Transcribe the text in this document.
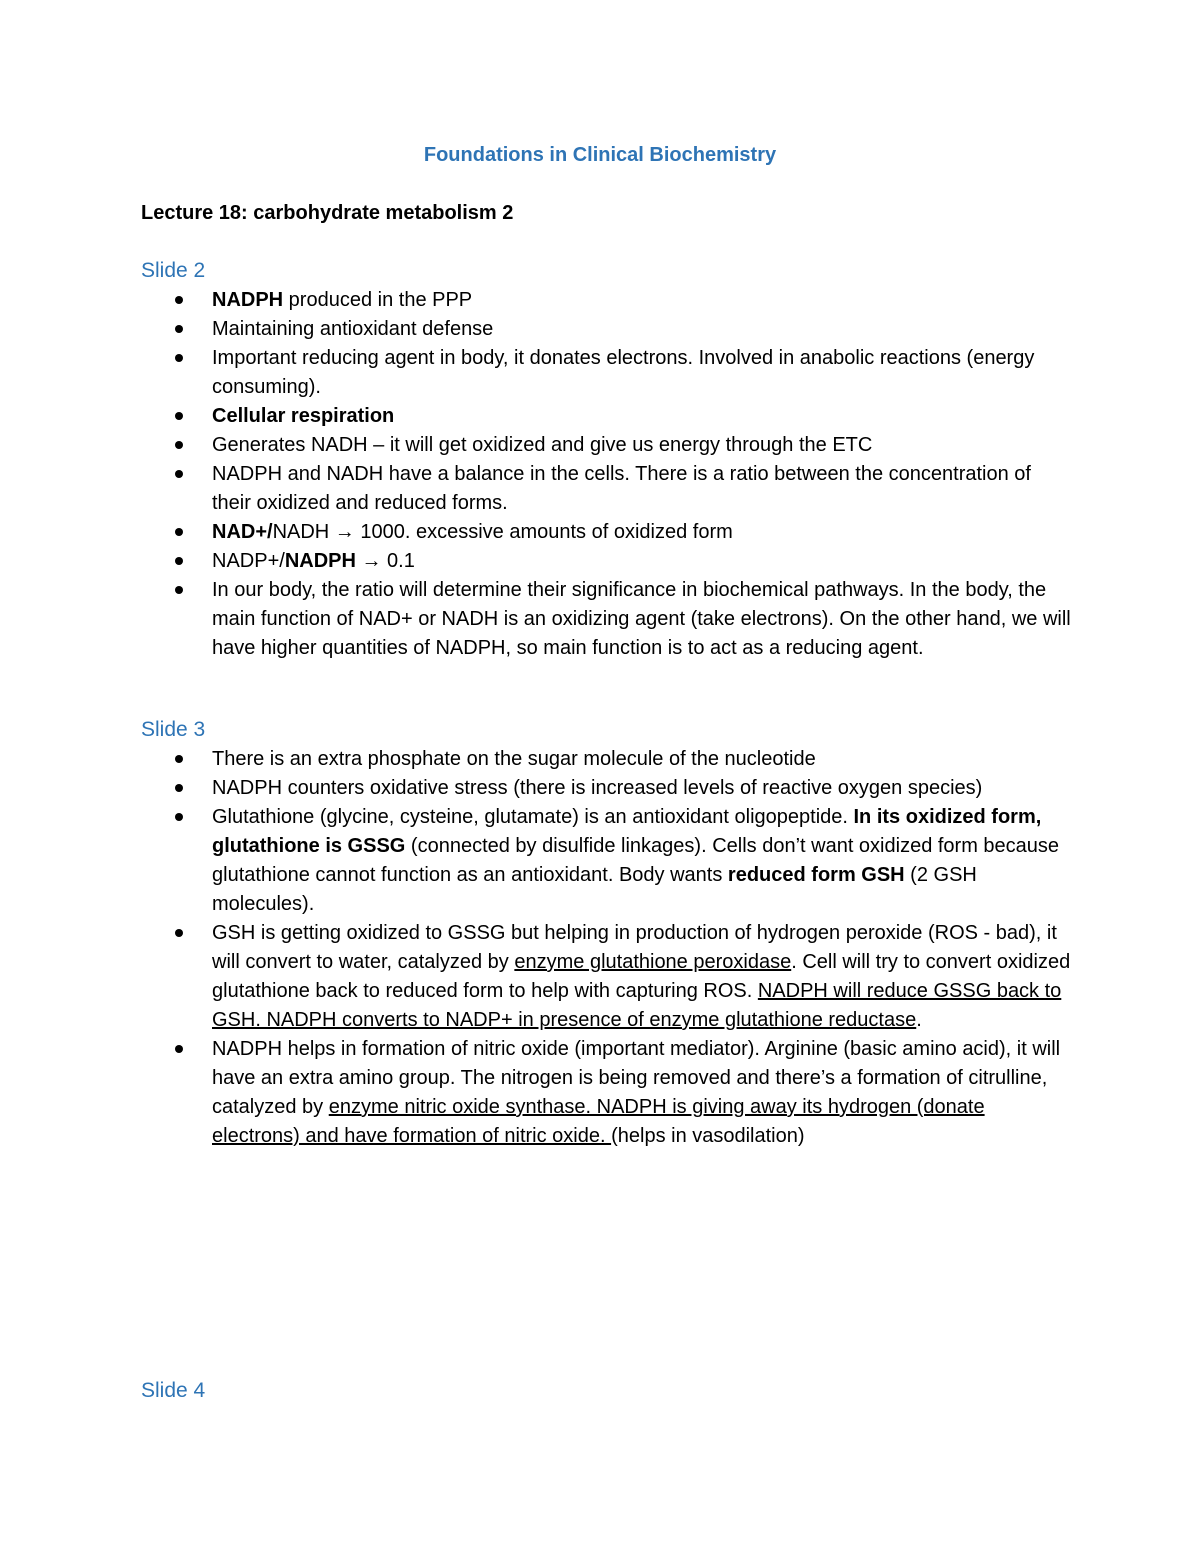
Foundations in Clinical Biochemistry
Lecture 18: carbohydrate metabolism 2
Slide 2
NADPH produced in the PPP
Maintaining antioxidant defense
Important reducing agent in body, it donates electrons. Involved in anabolic reactions (energy consuming).
Cellular respiration
Generates NADH – it will get oxidized and give us energy through the ETC
NADPH and NADH have a balance in the cells. There is a ratio between the concentration of their oxidized and reduced forms.
NAD+/NADH → 1000. excessive amounts of oxidized form
NADP+/NADPH → 0.1
In our body, the ratio will determine their significance in biochemical pathways. In the body, the main function of NAD+ or NADH is an oxidizing agent (take electrons). On the other hand, we will have higher quantities of NADPH, so main function is to act as a reducing agent.
Slide 3
There is an extra phosphate on the sugar molecule of the nucleotide
NADPH counters oxidative stress (there is increased levels of reactive oxygen species)
Glutathione (glycine, cysteine, glutamate) is an antioxidant oligopeptide. In its oxidized form, glutathione is GSSG (connected by disulfide linkages). Cells don’t want oxidized form because glutathione cannot function as an antioxidant. Body wants reduced form GSH (2 GSH molecules).
GSH is getting oxidized to GSSG but helping in production of hydrogen peroxide (ROS - bad), it will convert to water, catalyzed by enzyme glutathione peroxidase. Cell will try to convert oxidized glutathione back to reduced form to help with capturing ROS. NADPH will reduce GSSG back to GSH. NADPH converts to NADP+ in presence of enzyme glutathione reductase.
NADPH helps in formation of nitric oxide (important mediator). Arginine (basic amino acid), it will have an extra amino group. The nitrogen is being removed and there’s a formation of citrulline, catalyzed by enzyme nitric oxide synthase. NADPH is giving away its hydrogen (donate electrons) and have formation of nitric oxide. (helps in vasodilation)
Slide 4
